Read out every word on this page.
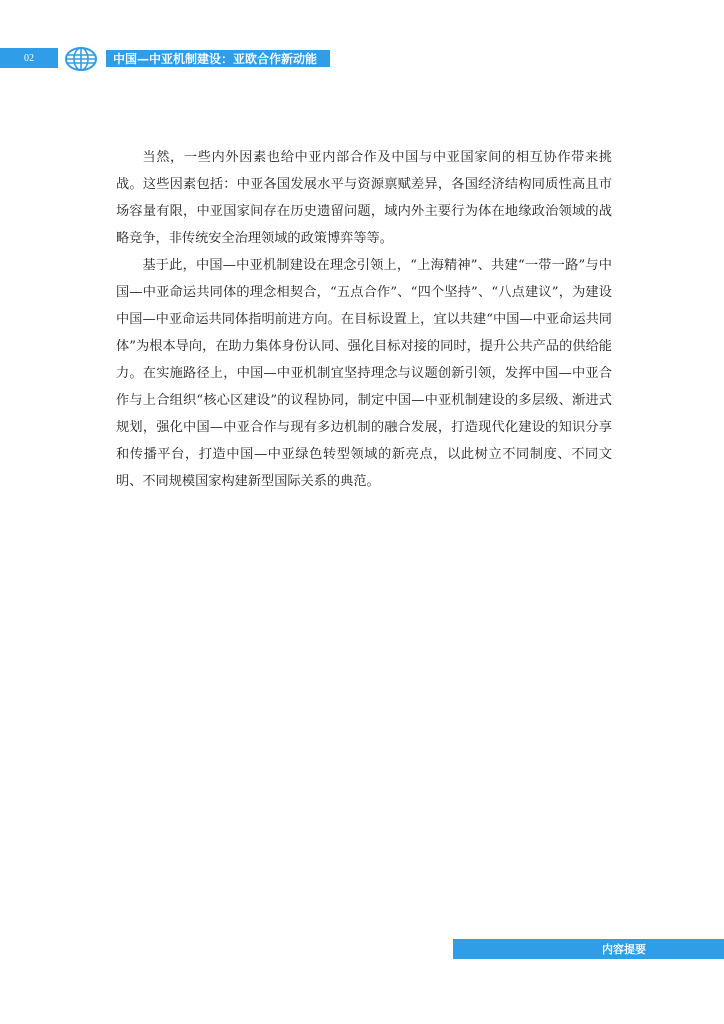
02	中国—中亚机制建设：亚欧合作新动能

当然，一些内外因素也给中亚内部合作及中国与中亚国家间的相互协作带来挑战。这些因素包括：中亚各国发展水平与资源禀赋差异，各国经济结构同质性高且市场容量有限，中亚国家间存在历史遗留问题，域内外主要行为体在地缘政治领域的战略竞争，非传统安全治理领域的政策博弈等等。

基于此，中国—中亚机制建设在理念引领上，“上海精神”、共建“一带一路”与中国—中亚命运共同体的理念相契合，“五点合作”、“四个坚持”、“八点建议”，为建设中国—中亚命运共同体指明前进方向。在目标设置上，宜以共建“中国—中亚命运共同体”为根本导向，在助力集体身份认同、强化目标对接的同时，提升公共产品的供给能力。在实施路径上，中国—中亚机制宜坚持理念与议题创新引领，发挥中国—中亚合作与上合组织“核心区建设”的议程协同，制定中国—中亚机制建设的多层级、渐进式规划，强化中国—中亚合作与现有多边机制的融合发展，打造现代化建设的知识分享和传播平台，打造中国—中亚绿色转型领域的新亮点，以此树立不同制度、不同文明、不同规模国家构建新型国际关系的典范。

内容提要
